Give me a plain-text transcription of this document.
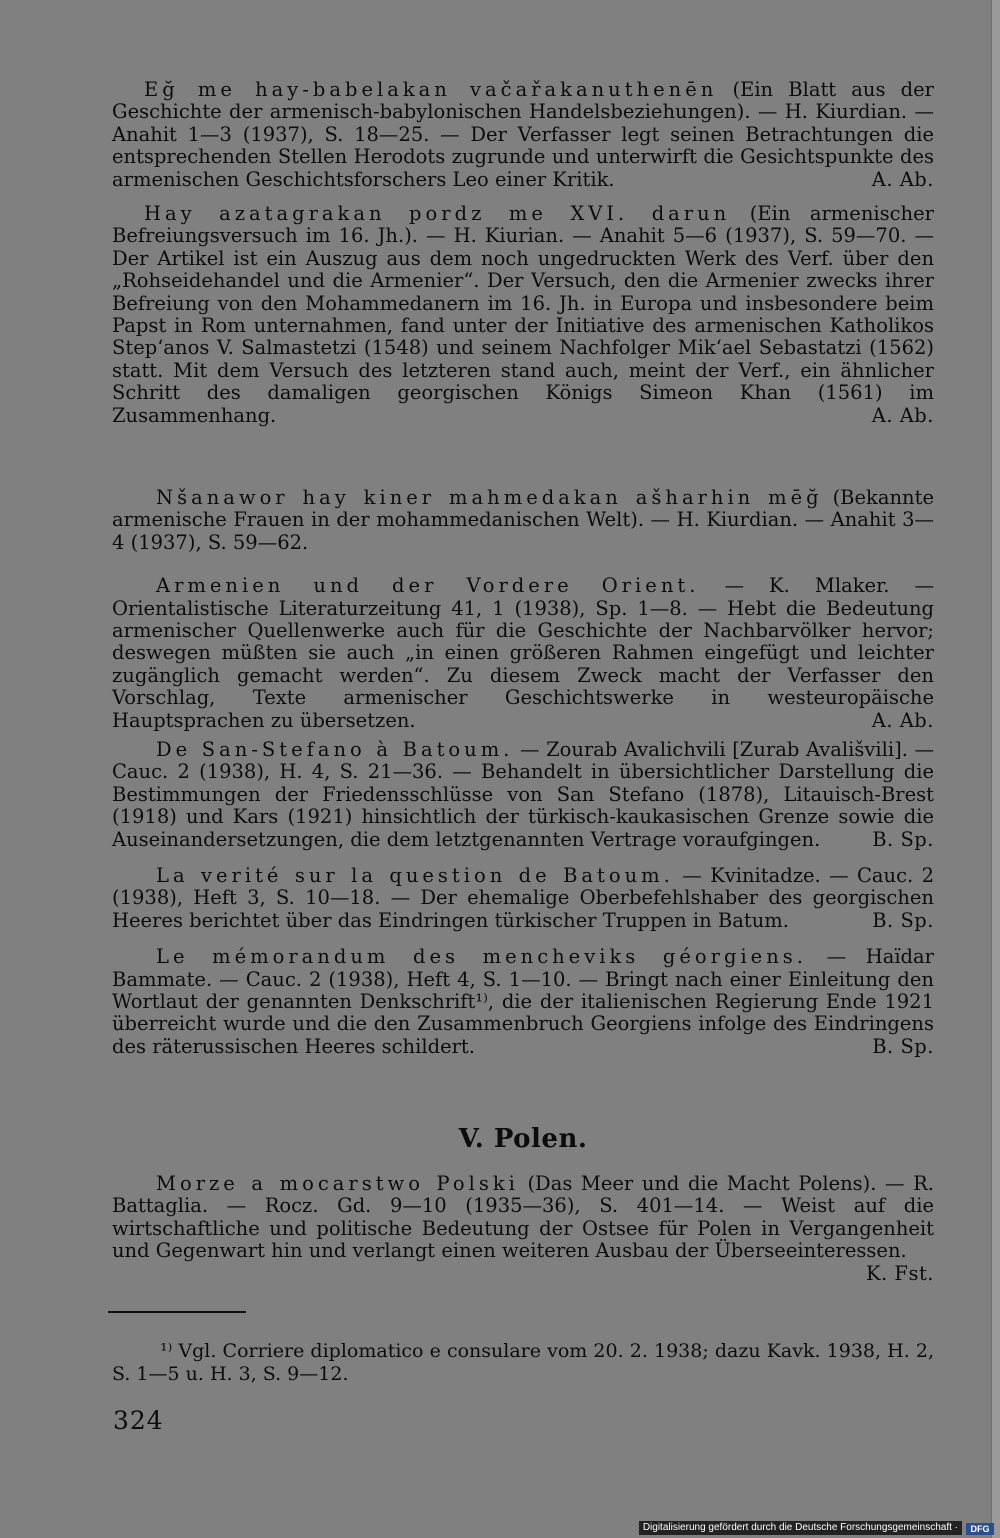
Eğ me hay-babelakan vačařakanuthenēn (Ein Blatt aus der Geschichte der armenisch-babylonischen Handelsbeziehungen). — H. Kiurdian. — Anahit 1—3 (1937), S. 18—25. — Der Verfasser legt seinen Betrachtungen die entsprechenden Stellen Herodots zugrunde und unterwirft die Gesichtspunkte des armenischen Geschichtsforschers Leo einer Kritik.	A. Ab.
Hay azatagrakan pordz me XVI. darun (Ein armenischer Befreiungsversuch im 16. Jh.). — H. Kiurian. — Anahit 5—6 (1937), S. 59—70. — Der Artikel ist ein Auszug aus dem noch ungedruckten Werk des Verf. über den „Rohseidehandel und die Armenier“. Der Versuch, den die Armenier zwecks ihrer Befreiung von den Mohammedanern im 16. Jh. in Europa und insbesondere beim Papst in Rom unternahmen, fand unter der Initiative des armenischen Katholikos Step‘anos V. Salmastetzi (1548) und seinem Nachfolger Mik‘ael Sebastatzi (1562) statt. Mit dem Versuch des letzteren stand auch, meint der Verf., ein ähnlicher Schritt des damaligen georgischen Königs Simeon Khan (1561) im Zusammenhang.	A. Ab.
Nšanawor hay kiner mahmedakan ašharhin mēğ (Bekannte armenische Frauen in der mohammedanischen Welt). — H. Kiurdian. — Anahit 3—4 (1937), S. 59—62.
Armenien und der Vordere Orient. — K. Mlaker. — Orientalistische Literaturzeitung 41, 1 (1938), Sp. 1—8. — Hebt die Bedeutung armenischer Quellenwerke auch für die Geschichte der Nachbarvölker hervor; deswegen müßten sie auch „in einen größeren Rahmen eingefügt und leichter zugänglich gemacht werden“. Zu diesem Zweck macht der Verfasser den Vorschlag, Texte armenischer Geschichtswerke in westeuropäische Hauptsprachen zu übersetzen.	A. Ab.
De San-Stefano à Batoum. — Zourab Avalichvili [Zurab Avališvili]. — Cauc. 2 (1938), H. 4, S. 21—36. — Behandelt in übersichtlicher Darstellung die Bestimmungen der Friedensschlüsse von San Stefano (1878), Litauisch-Brest (1918) und Kars (1921) hinsichtlich der türkisch-kaukasischen Grenze sowie die Auseinandersetzungen, die dem letztgenannten Vertrage voraufgingen.	B. Sp.
La verité sur la question de Batoum. — Kvinitadze. — Cauc. 2 (1938), Heft 3, S. 10—18. — Der ehemalige Oberbefehlshaber des georgischen Heeres berichtet über das Eindringen türkischer Truppen in Batum.	B. Sp.
Le mémorandum des mencheviks géorgiens. — Haïdar Bammate. — Cauc. 2 (1938), Heft 4, S. 1—10. — Bringt nach einer Einleitung den Wortlaut der genannten Denkschrift¹⁾, die der italienischen Regierung Ende 1921 überreicht wurde und die den Zusammenbruch Georgiens infolge des Eindringens des räterussischen Heeres schildert.	B. Sp.
V. Polen.
Morze a mocarstwo Polski (Das Meer und die Macht Polens). — R. Battaglia. — Rocz. Gd. 9—10 (1935—36), S. 401—14. — Weist auf die wirtschaftliche und politische Bedeutung der Ostsee für Polen in Vergangenheit und Gegenwart hin und verlangt einen weiteren Ausbau der Überseeinteressen.
K. Fst.
¹⁾ Vgl. Corriere diplomatico e consulare vom 20. 2. 1938; dazu Kavk. 1938, H. 2, S. 1—5 u. H. 3, S. 9—12.
324
Digitalisierung gefördert durch die Deutsche Forschungsgemeinschaft ·	DFG
